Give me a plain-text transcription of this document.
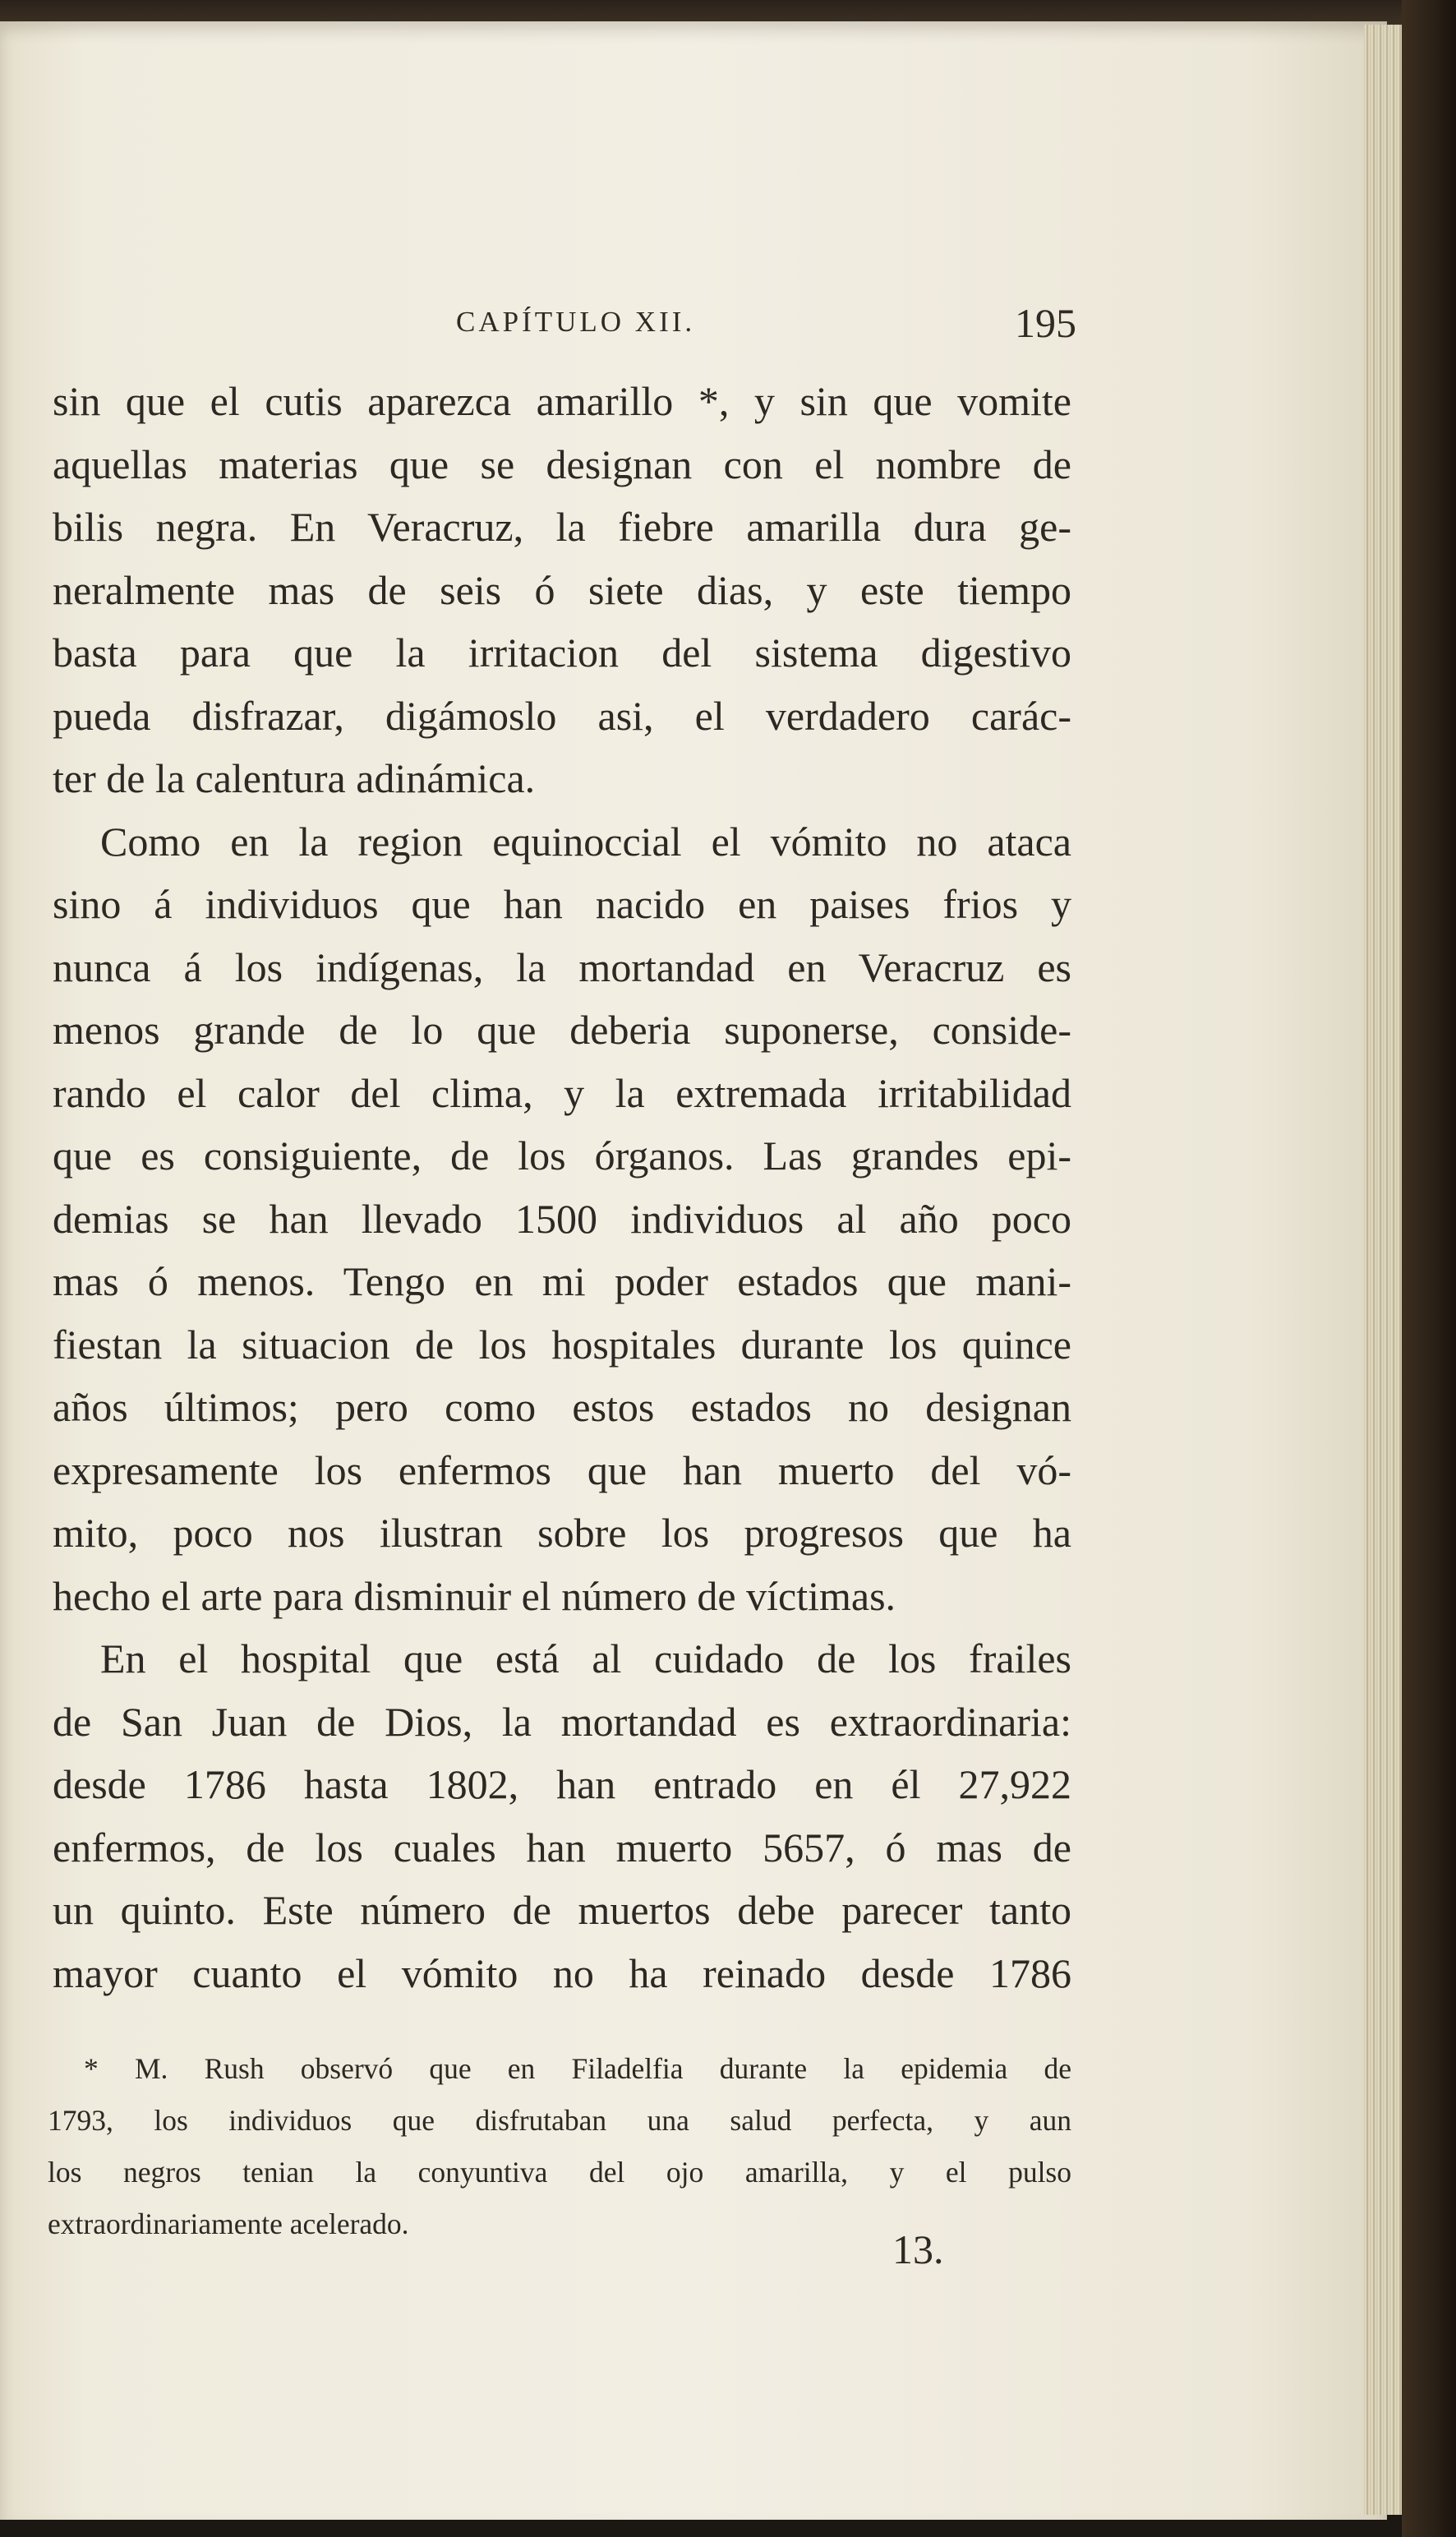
CAPÍTULO XII.	195
sin que el cutis aparezca amarillo *, y sin que vomite
aquellas materias que se designan con el nombre de
bilis negra. En Veracruz, la fiebre amarilla dura ge-
neralmente mas de seis ó siete dias, y este tiempo
basta para que la irritacion del sistema digestivo
pueda disfrazar, digámoslo asi, el verdadero carác-
ter de la calentura adinámica.
Como en la region equinoccial el vómito no ataca
sino á individuos que han nacido en paises frios y
nunca á los indígenas, la mortandad en Veracruz es
menos grande de lo que deberia suponerse, conside-
rando el calor del clima, y la extremada irritabilidad
que es consiguiente, de los órganos. Las grandes epi-
demias se han llevado 1500 individuos al año poco
mas ó menos. Tengo en mi poder estados que mani-
fiestan la situacion de los hospitales durante los quince
años últimos; pero como estos estados no designan
expresamente los enfermos que han muerto del vó-
mito, poco nos ilustran sobre los progresos que ha
hecho el arte para disminuir el número de víctimas.
En el hospital que está al cuidado de los frailes
de San Juan de Dios, la mortandad es extraordinaria:
desde 1786 hasta 1802, han entrado en él 27,922
enfermos, de los cuales han muerto 5657, ó mas de
un quinto. Este número de muertos debe parecer tanto
mayor cuanto el vómito no ha reinado desde 1786
* M. Rush observó que en Filadelfia durante la epidemia de
1793, los individuos que disfrutaban una salud perfecta, y aun
los negros tenian la conyuntiva del ojo amarilla, y el pulso
extraordinariamente acelerado.
13.
